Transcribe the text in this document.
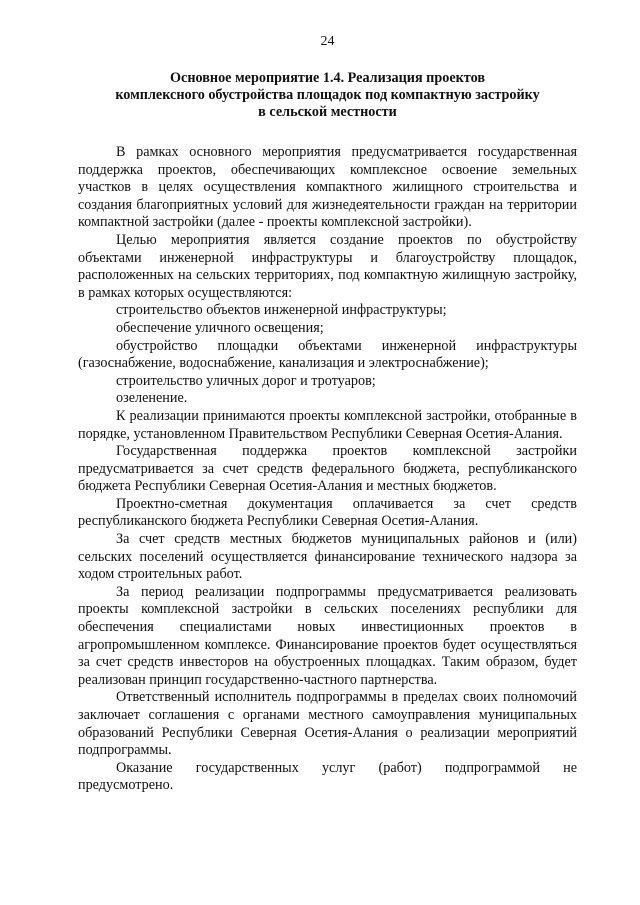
24
Основное мероприятие 1.4. Реализация проектов
комплексного обустройства площадок под компактную застройку
в сельской местности

В рамках основного мероприятия предусматривается государственная поддержка проектов, обеспечивающих комплексное освоение земельных участков в целях осуществления компактного жилищного строительства и создания благоприятных условий для жизнедеятельности граждан на территории компактной застройки (далее - проекты комплексной застройки).

Целью мероприятия является создание проектов по обустройству объектами инженерной инфраструктуры и благоустройству площадок, расположенных на сельских территориях, под компактную жилищную застройку, в рамках которых осуществляются:

строительство объектов инженерной инфраструктуры;

обеспечение уличного освещения;

обустройство площадки объектами инженерной инфраструктуры (газоснабжение, водоснабжение, канализация и электроснабжение);

строительство уличных дорог и тротуаров;

озеленение.

К реализации принимаются проекты комплексной застройки, отобранные в порядке, установленном Правительством Республики Северная Осетия-Алания.

Государственная поддержка проектов комплексной застройки предусматривается за счет средств федерального бюджета, республиканского бюджета Республики Северная Осетия-Алания и местных бюджетов.

Проектно-сметная документация оплачивается за счет средств республиканского бюджета Республики Северная Осетия-Алания.

За счет средств местных бюджетов муниципальных районов и (или) сельских поселений осуществляется финансирование технического надзора за ходом строительных работ.

За период реализации подпрограммы предусматривается реализовать проекты комплексной застройки в сельских поселениях республики для обеспечения специалистами новых инвестиционных проектов в агропромышленном комплексе. Финансирование проектов будет осуществляться за счет средств инвесторов на обустроенных площадках. Таким образом, будет реализован принцип государственно-частного партнерства.

Ответственный исполнитель подпрограммы в пределах своих полномочий заключает соглашения с органами местного самоуправления муниципальных образований Республики Северная Осетия-Алания о реализации мероприятий подпрограммы.

Оказание государственных услуг (работ) подпрограммой не предусмотрено.
